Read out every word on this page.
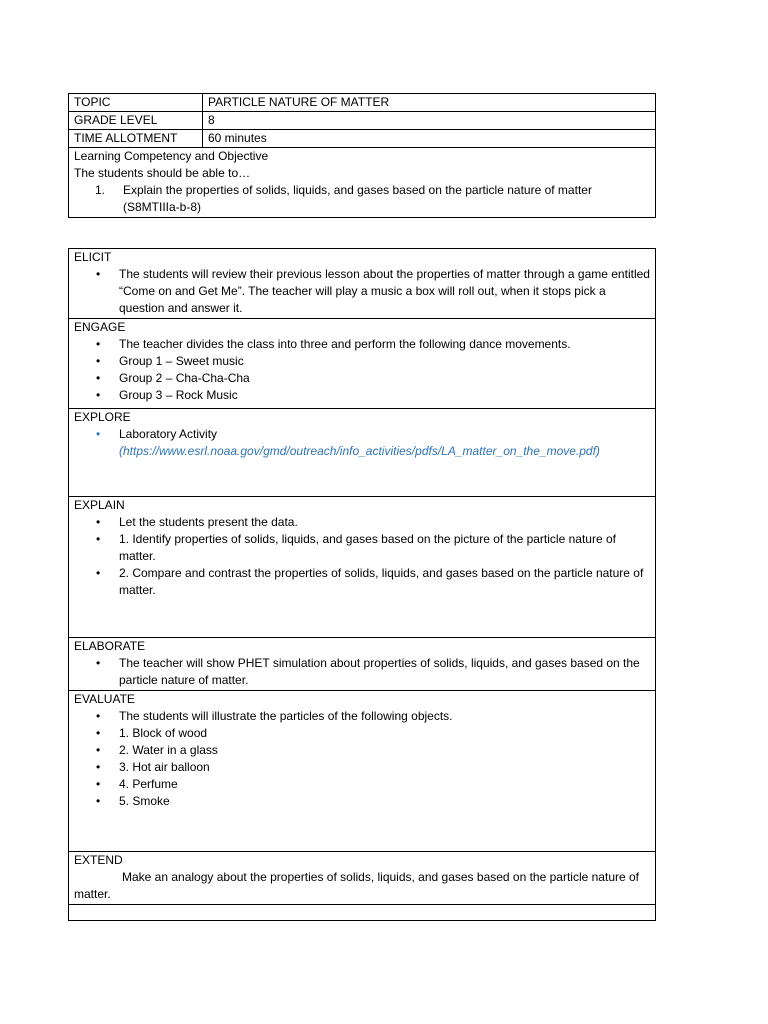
TOPIC	PARTICLE NATURE OF MATTER
GRADE LEVEL	8
TIME ALLOTMENT	60 minutes

Learning Competency and Objective
The students should be able to…
1. Explain the properties of solids, liquids, and gases based on the particle nature of matter
(S8MTIIIa-b-8)	
ELICIT
• The students will review their previous lesson about the properties of matter through a game entitled “Come on and Get Me”. The teacher will play a music a box will roll out, when it stops pick a question and answer it.

ENGAGE
• The teacher divides the class into three and perform the following dance movements.
• Group 1 – Sweet music
• Group 2 – Cha-Cha-Cha
• Group 3 – Rock Music

EXPLORE
• Laboratory Activity
(https://www.esrl.noaa.gov/gmd/outreach/info_activities/pdfs/LA_matter_on_the_move.pdf)

EXPLAIN
• Let the students present the data.
• 1. Identify properties of solids, liquids, and gases based on the picture of the particle nature of matter.
• 2. Compare and contrast the properties of solids, liquids, and gases based on the particle nature of matter.

ELABORATE
• The teacher will show PHET simulation about properties of solids, liquids, and gases based on the particle nature of matter.

EVALUATE
• The students will illustrate the particles of the following objects.
• 1. Block of wood
• 2. Water in a glass
• 3. Hot air balloon
• 4. Perfume
• 5. Smoke

EXTEND
Make an analogy about the properties of solids, liquids, and gases based on the particle nature of matter.
